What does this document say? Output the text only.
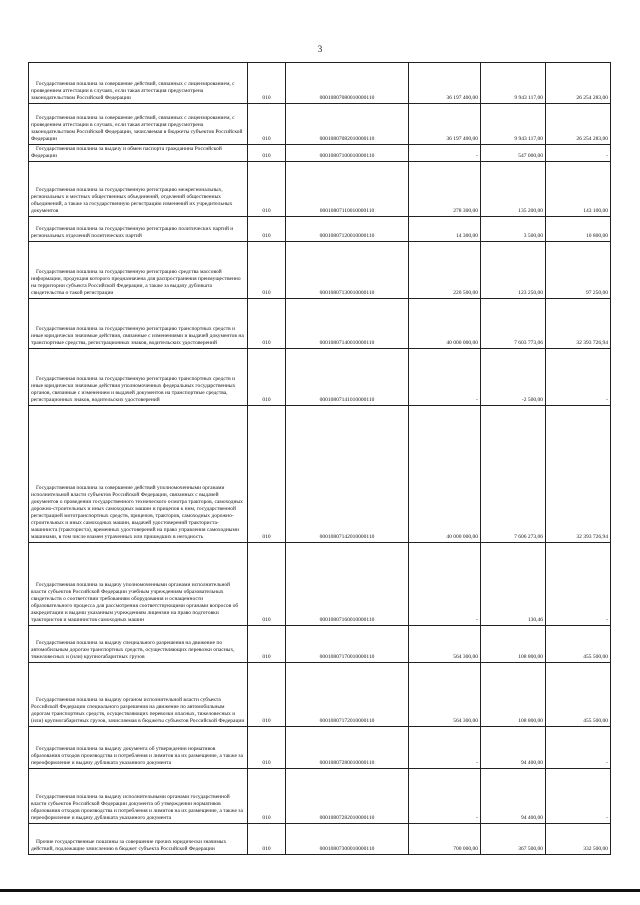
3
Государственная пошлина за совершение действий, связанных с лицензированием, с проведением аттестации в случаях, если такая аттестация предусмотрена законодательством Российской Федерации	010	00010807080010000110	36 197 400,00	9 943 117,00	26 254 283,00
Государственная пошлина за совершение действий, связанных с лицензированием, с проведением аттестации в случаях, если такая аттестация предусмотрена законодательством Российской Федерации, зачисляемая в бюджеты субъектов Российской Федерации	010	00010807082010000110	36 197 400,00	9 943 117,00	26 254 283,00
Государственная пошлина за выдачу и обмен паспорта гражданина Российской Федерации	010	00010807100010000110	-	547 000,00	-
Государственная пошлина за государственную регистрацию межрегиональных, региональных и местных общественных объединений, отделений общественных объединений, а также за государственную регистрацию изменений их учредительных документов	010	00010807110010000110	278 300,00	135 200,00	143 100,00
Государственная пошлина за государственную регистрацию политических партий и региональных отделений политических партий	010	00010807120010000110	14 300,00	3 500,00	10 800,00
Государственная пошлина за государственную регистрацию средства массовой информации, продукция которого предназначена для распространения преимущественно на территории субъекта Российской Федерации, а также за выдачу дубликата свидетельства о такой регистрации	010	00010807130010000110	220 500,00	123 250,00	97 250,00
Государственная пошлина за государственную регистрацию транспортных средств и иные юридически значимые действия, связанные с изменениями и выдачей документов на транспортные средства, регистрационных знаков, водительских удостоверений	010	00010807140010000110	40 000 000,00	7 603 773,06	32 393 726,94
Государственная пошлина за государственную регистрацию транспортных средств и иные юридически значимые действия уполномоченных федеральных государственных органов, связанные с изменением и выдачей документов на транспортные средства, регистрационных знаков, водительских удостоверений	010	00010807141010000110	-	-2 500,00	-
Государственная пошлина за совершение действий уполномоченными органами исполнительной власти субъектов Российской Федерации, связанных с выдачей документов о проведении государственного технического осмотра тракторов, самоходных дорожно-строительных и иных самоходных машин и прицепов к ним, государственной регистрацией мототранспортных средств, прицепов, тракторов, самоходных дорожно-строительных и иных самоходных машин, выдачей удостоверений тракториста-машиниста (тракториста), временных удостоверений на право управления самоходными машинами, в том числе взамен утраченных или пришедших в негодность	010	00010807142010000110	40 000 000,00	7 606 273,06	32 393 726,94
Государственная пошлина за выдачу уполномоченными органами исполнительной власти субъектов Российской Федерации учебным учреждениям образовательных свидетельств о соответствии требованиям оборудования и оснащенности образовательного процесса для рассмотрения соответствующими органами вопросов об аккредитации и выдачи указанным учреждениям лицензии на право подготовки трактористов и машинистов самоходных машин	010	00010807160010000110	-	130,46	-
Государственная пошлина за выдачу специального разрешения на движение по автомобильным дорогам транспортных средств, осуществляющих перевозки опасных, тяжеловесных и (или) крупногабаритных грузов	010	00010807170010000110	564 300,00	108 800,00	455 500,00
Государственная пошлина за выдачу органом исполнительной власти субъекта Российской Федерации специального разрешения на движение по автомобильным дорогам транспортных средств, осуществляющих перевозки опасных, тяжеловесных и (или) крупногабаритных грузов, зачисляемая в бюджеты субъектов Российской Федерации	010	00010807172010000110	564 300,00	108 800,00	455 500,00
Государственная пошлина за выдачу документа об утверждении нормативов образования отходов производства и потребления и лимитов на их размещение, а также за переоформление и выдачу дубликата указанного документа	010	00010807280010000110	-	94 400,00	-
Государственная пошлина за выдачу исполнительными органами государственной власти субъектов Российской Федерации документа об утверждении нормативов образования отходов производства и потребления и лимитов на их размещение, а также за переоформление и выдачу дубликата указанного документа	010	00010807282010000110	-	94 400,00	-
Прочие государственные пошлины за совершение прочих юридически значимых действий, подлежащие зачислению в бюджет субъекта Российской Федерации	010	00010807300010000110	700 000,00	367 500,00	332 500,00
